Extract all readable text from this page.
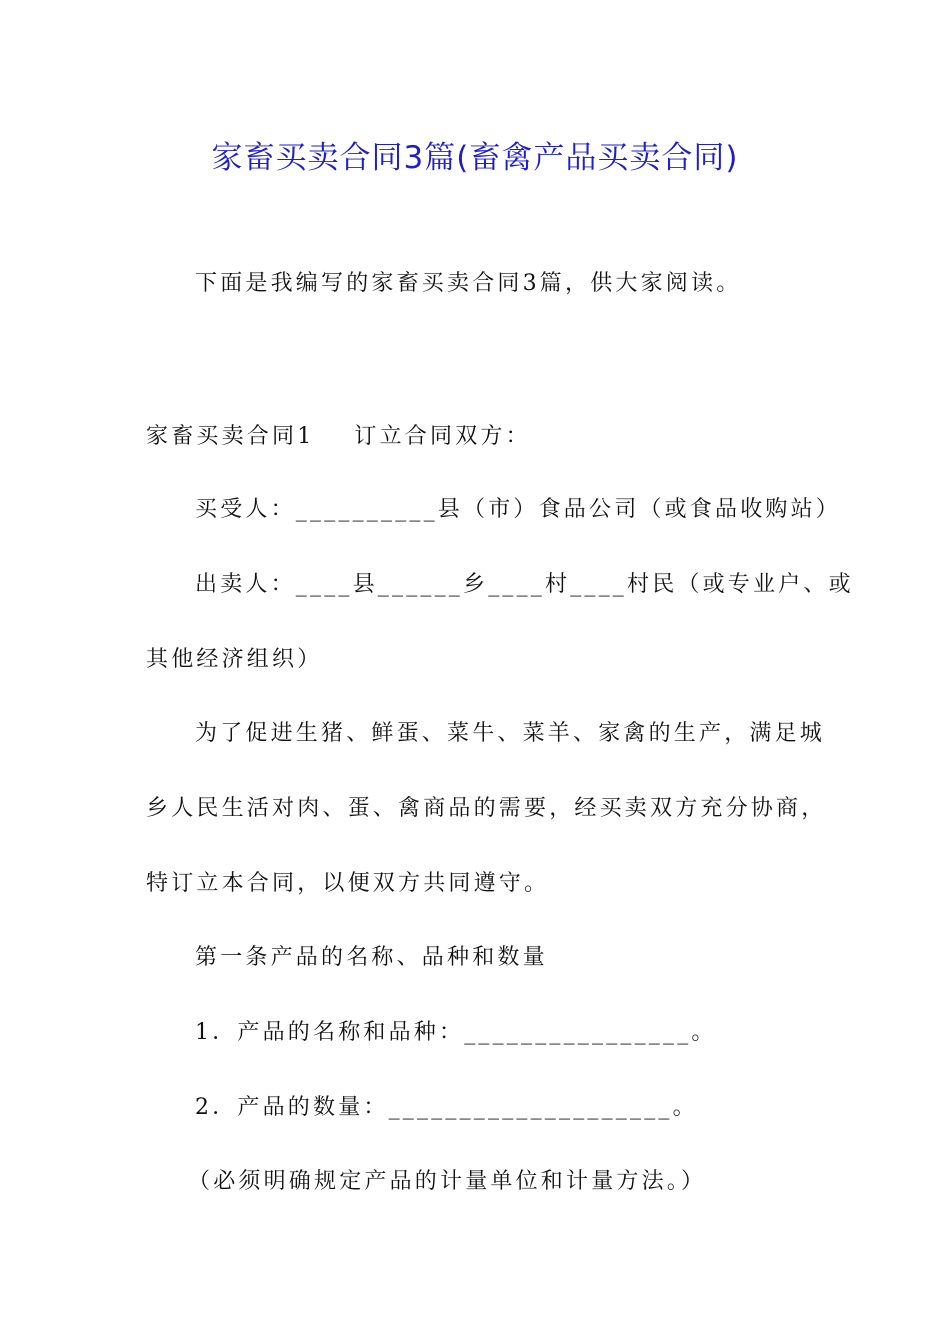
家畜买卖合同3篇(畜禽产品买卖合同)
下面是我编写的家畜买卖合同3篇，供大家阅读。
家畜买卖合同1 订立合同双方：
买受人：__________县（市）食品公司（或食品收购站）
出卖人：____县______乡____村____村民（或专业户、或
其他经济组织）
为了促进生猪、鲜蛋、菜牛、菜羊、家禽的生产，满足城
乡人民生活对肉、蛋、禽商品的需要，经买卖双方充分协商，
特订立本合同，以便双方共同遵守。
第一条产品的名称、品种和数量
1．产品的名称和品种：________________。
2．产品的数量：____________________。
（必须明确规定产品的计量单位和计量方法。）
